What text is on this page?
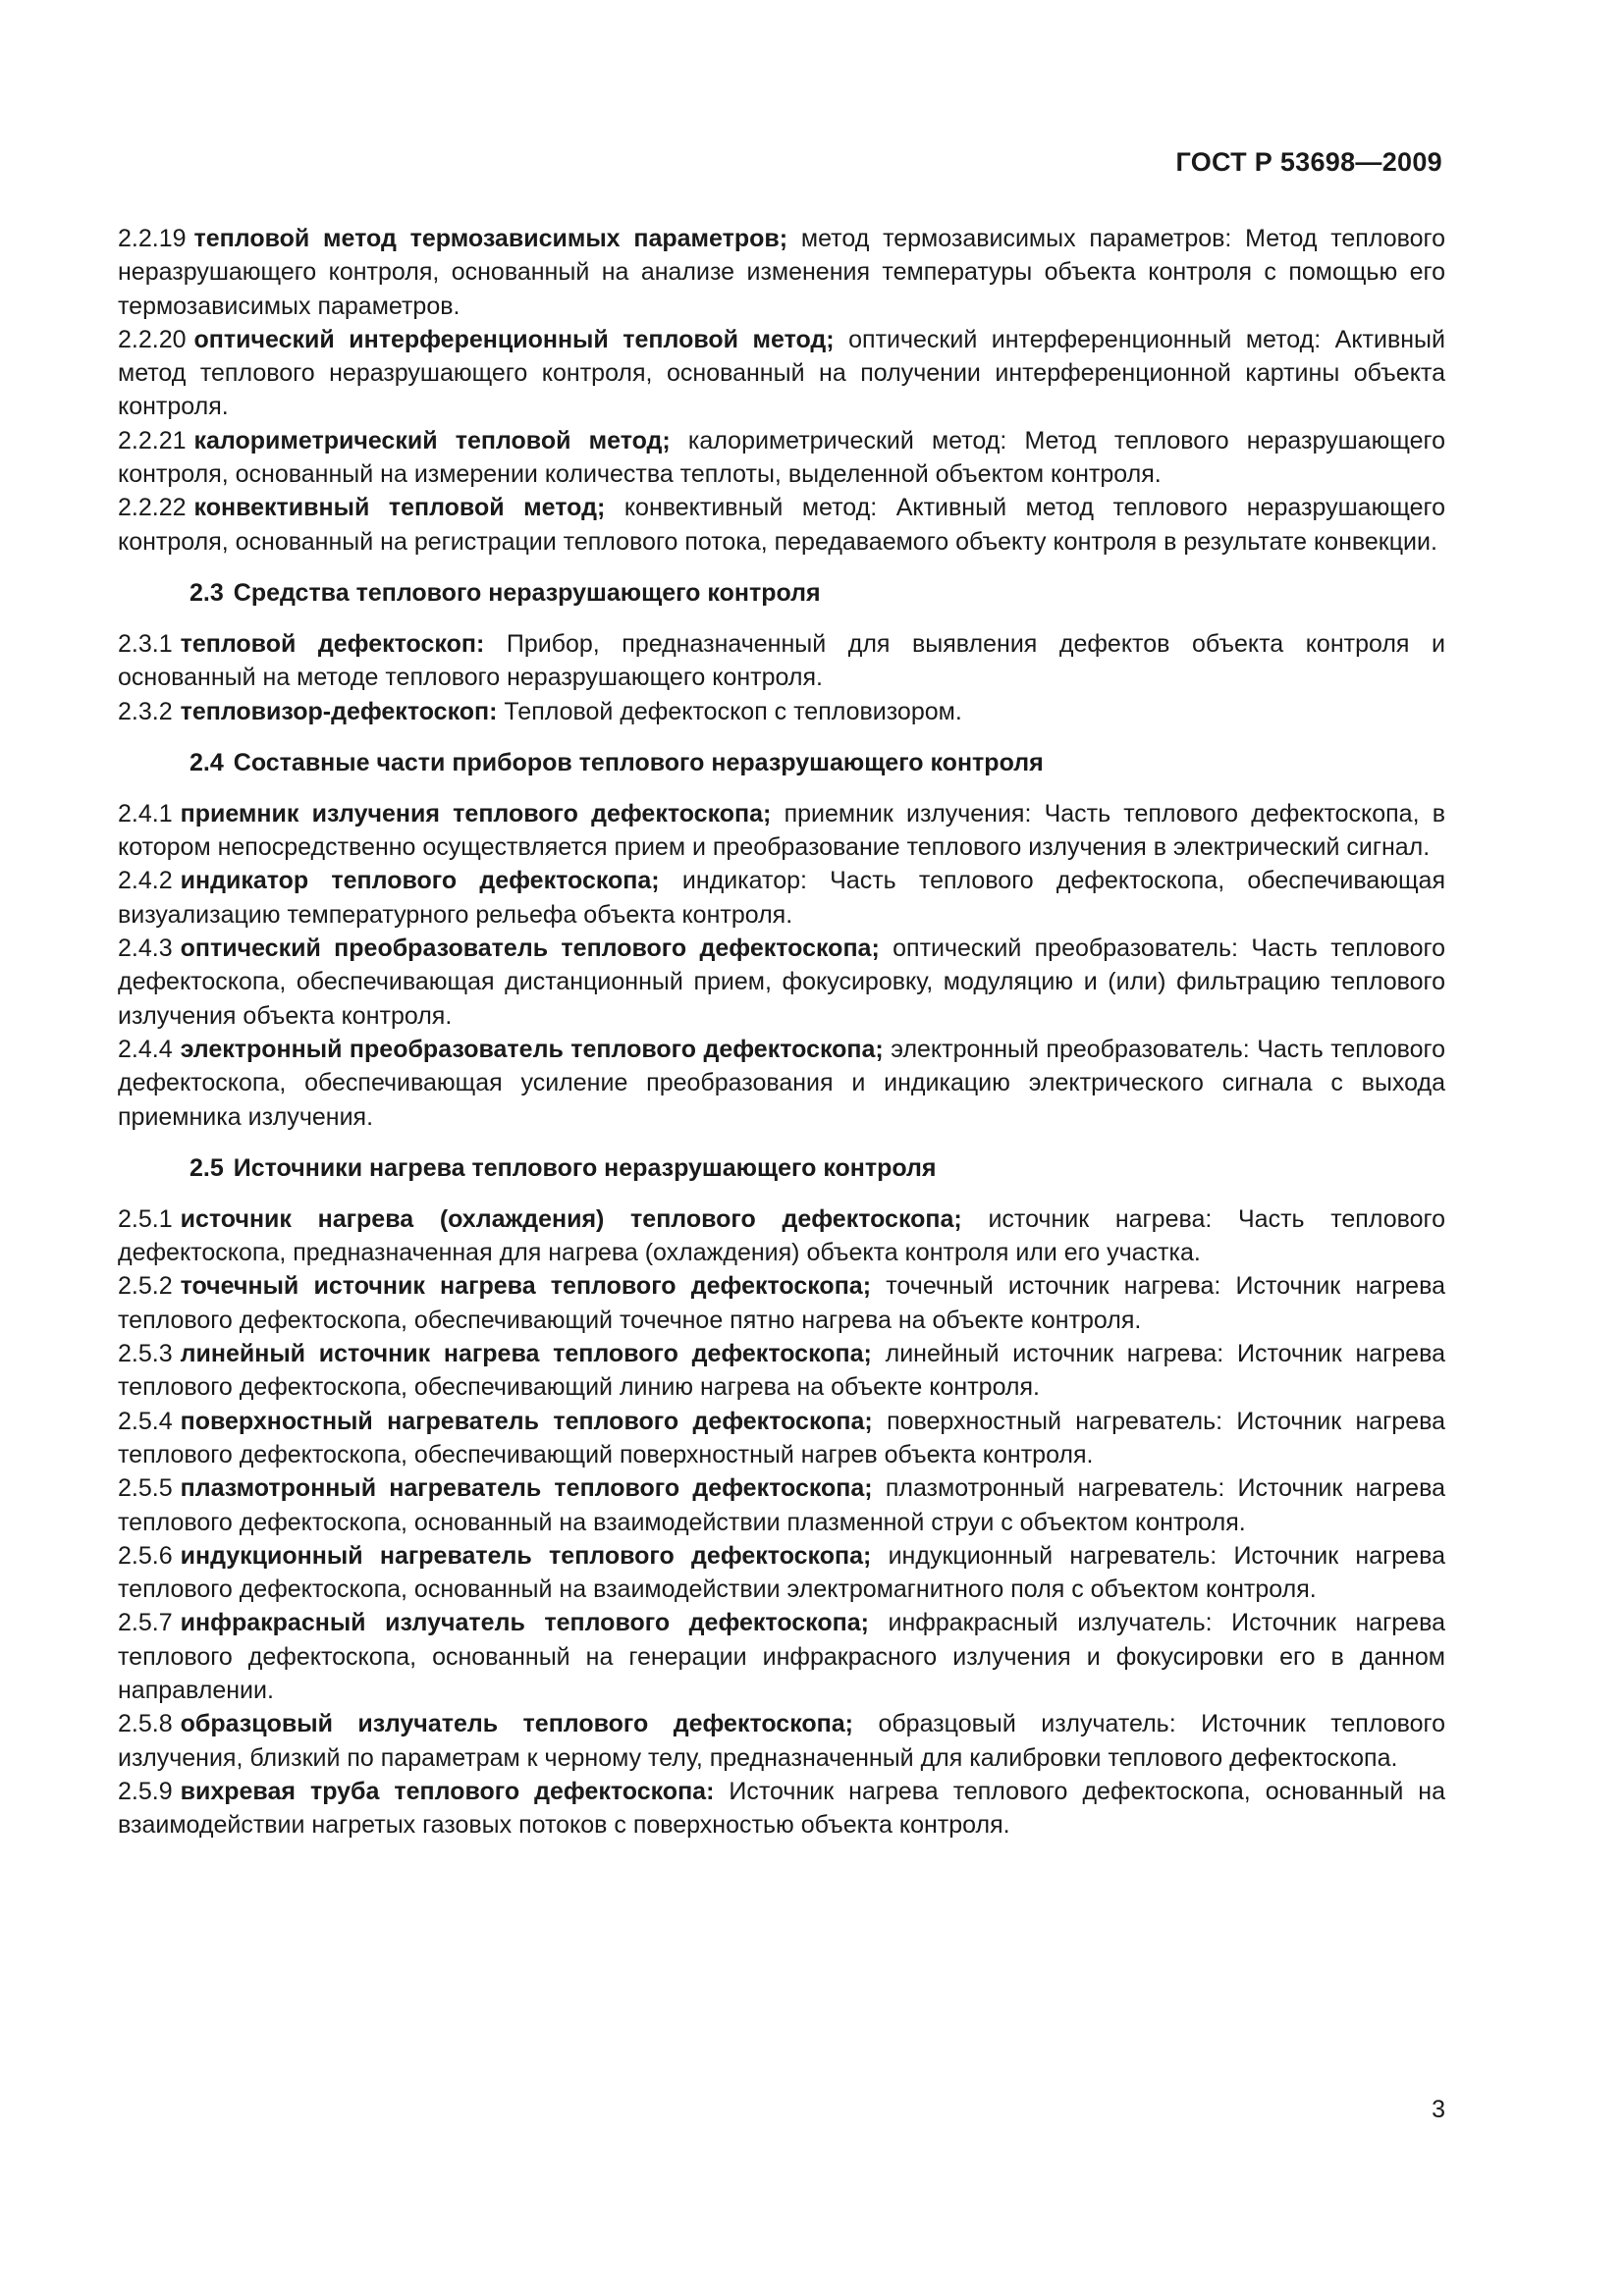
ГОСТ Р 53698—2009

2.2.19 тепловой метод термозависимых параметров; метод термозависимых параметров: Метод теплового неразрушающего контроля, основанный на анализе изменения температуры объекта контроля с помощью его термозависимых параметров.

2.2.20 оптический интерференционный тепловой метод; оптический интерференционный метод: Активный метод теплового неразрушающего контроля, основанный на получении интерференционной картины объекта контроля.

2.2.21 калориметрический тепловой метод; калориметрический метод: Метод теплового неразрушающего контроля, основанный на измерении количества теплоты, выделенной объектом контроля.

2.2.22 конвективный тепловой метод; конвективный метод: Активный метод теплового неразрушающего контроля, основанный на регистрации теплового потока, передаваемого объекту контроля в результате конвекции.

2.3 Средства теплового неразрушающего контроля

2.3.1 тепловой дефектоскоп: Прибор, предназначенный для выявления дефектов объекта контроля и основанный на методе теплового неразрушающего контроля.

2.3.2 тепловизор-дефектоскоп: Тепловой дефектоскоп с тепловизором.

2.4 Составные части приборов теплового неразрушающего контроля

2.4.1 приемник излучения теплового дефектоскопа; приемник излучения: Часть теплового дефектоскопа, в котором непосредственно осуществляется прием и преобразование теплового излучения в электрический сигнал.

2.4.2 индикатор теплового дефектоскопа; индикатор: Часть теплового дефектоскопа, обеспечивающая визуализацию температурного рельефа объекта контроля.

2.4.3 оптический преобразователь теплового дефектоскопа; оптический преобразователь: Часть теплового дефектоскопа, обеспечивающая дистанционный прием, фокусировку, модуляцию и (или) фильтрацию теплового излучения объекта контроля.

2.4.4 электронный преобразователь теплового дефектоскопа; электронный преобразователь: Часть теплового дефектоскопа, обеспечивающая усиление преобразования и индикацию электрического сигнала с выхода приемника излучения.

2.5 Источники нагрева теплового неразрушающего контроля

2.5.1 источник нагрева (охлаждения) теплового дефектоскопа; источник нагрева: Часть теплового дефектоскопа, предназначенная для нагрева (охлаждения) объекта контроля или его участка.

2.5.2 точечный источник нагрева теплового дефектоскопа; точечный источник нагрева: Источник нагрева теплового дефектоскопа, обеспечивающий точечное пятно нагрева на объекте контроля.

2.5.3 линейный источник нагрева теплового дефектоскопа; линейный источник нагрева: Источник нагрева теплового дефектоскопа, обеспечивающий линию нагрева на объекте контроля.

2.5.4 поверхностный нагреватель теплового дефектоскопа; поверхностный нагреватель: Источник нагрева теплового дефектоскопа, обеспечивающий поверхностный нагрев объекта контроля.

2.5.5 плазмотронный нагреватель теплового дефектоскопа; плазмотронный нагреватель: Источник нагрева теплового дефектоскопа, основанный на взаимодействии плазменной струи с объектом контроля.

2.5.6 индукционный нагреватель теплового дефектоскопа; индукционный нагреватель: Источник нагрева теплового дефектоскопа, основанный на взаимодействии электромагнитного поля с объектом контроля.

2.5.7 инфракрасный излучатель теплового дефектоскопа; инфракрасный излучатель: Источник нагрева теплового дефектоскопа, основанный на генерации инфракрасного излучения и фокусировки его в данном направлении.

2.5.8 образцовый излучатель теплового дефектоскопа; образцовый излучатель: Источник теплового излучения, близкий по параметрам к черному телу, предназначенный для калибровки теплового дефектоскопа.

2.5.9 вихревая труба теплового дефектоскопа: Источник нагрева теплового дефектоскопа, основанный на взаимодействии нагретых газовых потоков с поверхностью объекта контроля.

3
